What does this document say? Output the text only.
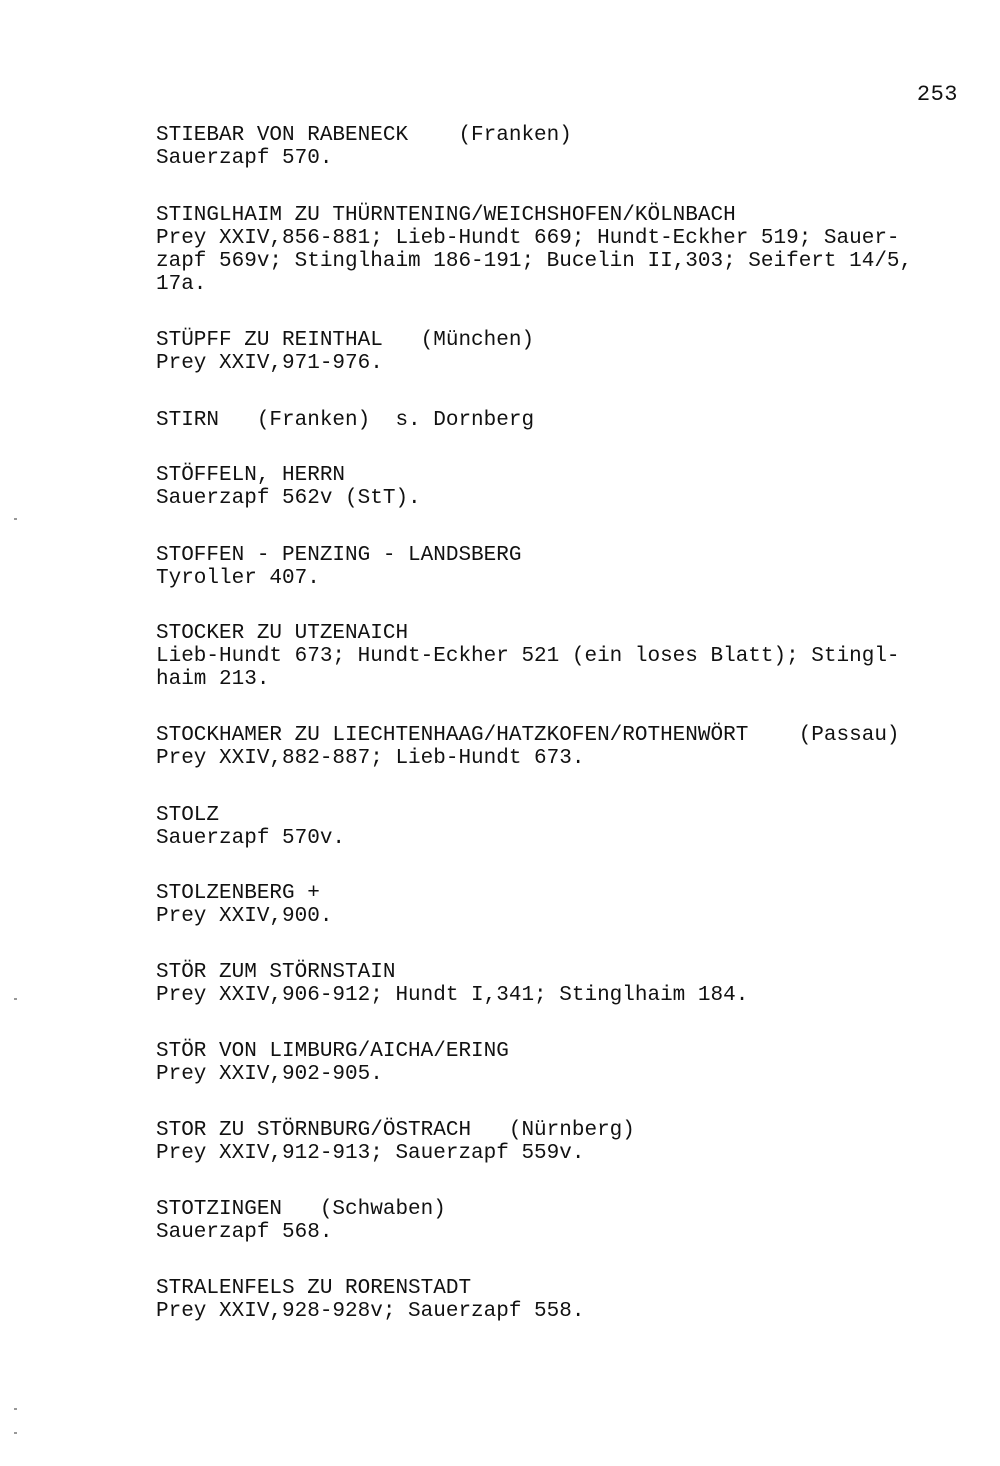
253
STIEBAR VON RABENECK    (Franken)
Sauerzapf 570.
STINGLHAIM ZU THÜRNTENING/WEICHSHOFEN/KÖLNBACH
Prey XXIV,856-881; Lieb-Hundt 669; Hundt-Eckher 519; Sauer-
zapf 569v; Stinglhaim 186-191; Bucelin II,303; Seifert 14/5,
17a.
STÜPFF ZU REINTHAL   (München)
Prey XXIV,971-976.
STIRN   (Franken)  s. Dornberg
STÖFFELN, HERRN
Sauerzapf 562v (StT).
STOFFEN - PENZING - LANDSBERG
Tyroller 407.
STOCKER ZU UTZENAICH
Lieb-Hundt 673; Hundt-Eckher 521 (ein loses Blatt); Stingl-
haim 213.
STOCKHAMER ZU LIECHTENHAAG/HATZKOFEN/ROTHENWÖRT    (Passau)
Prey XXIV,882-887; Lieb-Hundt 673.
STOLZ
Sauerzapf 570v.
STOLZENBERG +
Prey XXIV,900.
STÖR ZUM STÖRNSTAIN
Prey XXIV,906-912; Hundt I,341; Stinglhaim 184.
STÖR VON LIMBURG/AICHA/ERING
Prey XXIV,902-905.
STOR ZU STÖRNBURG/ÖSTRACH   (Nürnberg)
Prey XXIV,912-913; Sauerzapf 559v.
STOTZINGEN   (Schwaben)
Sauerzapf 568.
STRALENFELS ZU RORENSTADT
Prey XXIV,928-928v; Sauerzapf 558.
